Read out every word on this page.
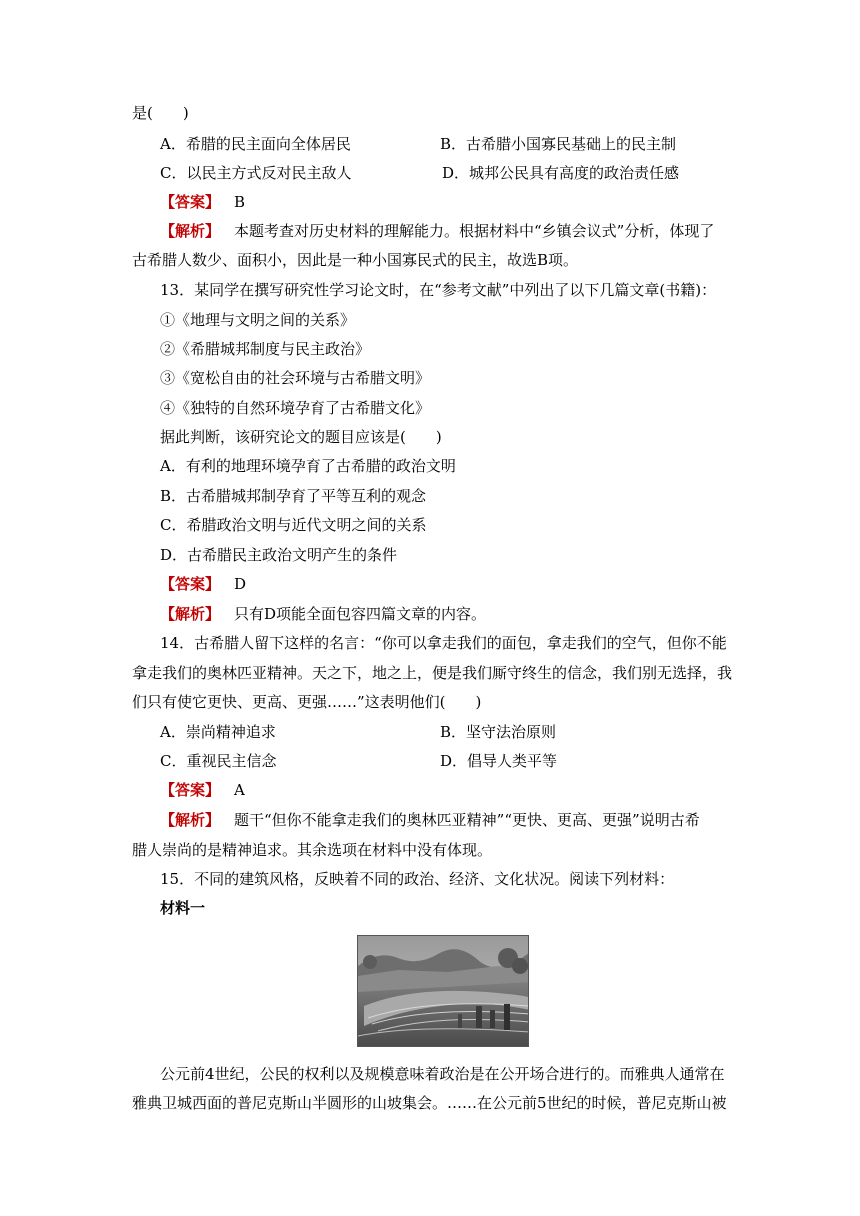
是(　　)
A．希腊的民主面向全体居民	B．古希腊小国寡民基础上的民主制
C．以民主方式反对民主敌人	D．城邦公民具有高度的政治责任感
【答案】 B
【解析】 本题考查对历史材料的理解能力。根据材料中“乡镇会议式”分析，体现了
古希腊人数少、面积小，因此是一种小国寡民式的民主，故选B项。
13．某同学在撰写研究性学习论文时，在“参考文献”中列出了以下几篇文章(书籍)：
①《地理与文明之间的关系》
②《希腊城邦制度与民主政治》
③《宽松自由的社会环境与古希腊文明》
④《独特的自然环境孕育了古希腊文化》
据此判断，该研究论文的题目应该是(　　)
A．有利的地理环境孕育了古希腊的政治文明
B．古希腊城邦制孕育了平等互利的观念
C．希腊政治文明与近代文明之间的关系
D．古希腊民主政治文明产生的条件
【答案】 D
【解析】 只有D项能全面包容四篇文章的内容。
14．古希腊人留下这样的名言：“你可以拿走我们的面包，拿走我们的空气，但你不能
拿走我们的奥林匹亚精神。天之下，地之上，便是我们厮守终生的信念，我们别无选择，我
们只有使它更快、更高、更强……”这表明他们(　　)
A．崇尚精神追求	B．坚守法治原则
C．重视民主信念	D．倡导人类平等
【答案】 A
【解析】 题干“但你不能拿走我们的奥林匹亚精神”“更快、更高、更强”说明古希
腊人崇尚的是精神追求。其余选项在材料中没有体现。
15．不同的建筑风格，反映着不同的政治、经济、文化状况。阅读下列材料：
材料一
公元前4世纪，公民的权利以及规模意味着政治是在公开场合进行的。而雅典人通常在
雅典卫城西面的普尼克斯山半圆形的山坡集会。……在公元前5世纪的时候，普尼克斯山被
